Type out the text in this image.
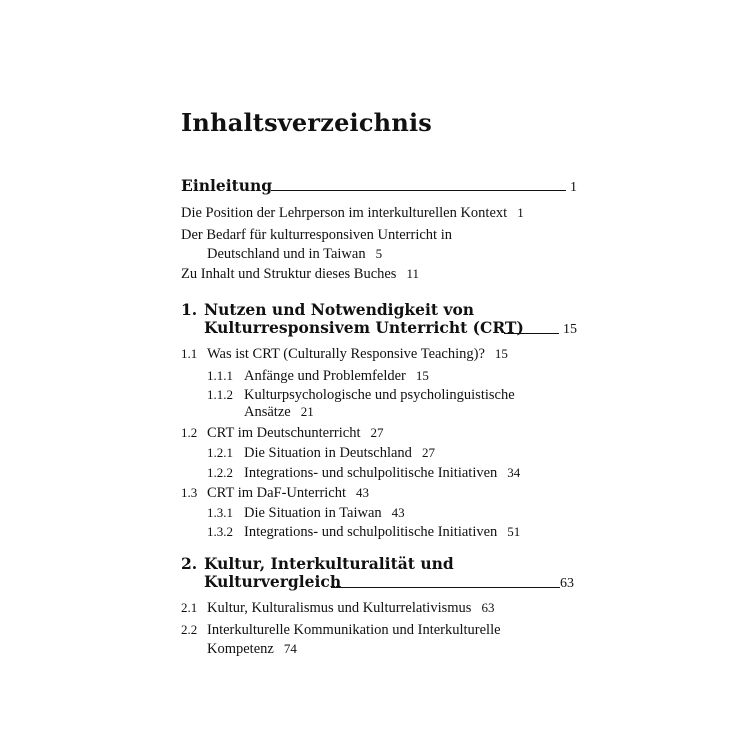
Inhaltsverzeichnis
Einleitung	1
Die Position der Lehrperson im interkulturellen Kontext 1
Der Bedarf für kulturresponsiven Unterricht in
Deutschland und in Taiwan 5
Zu Inhalt und Struktur dieses Buches 11
1. Nutzen und Notwendigkeit von
Kulturresponsivem Unterricht (CRT)	15
1.1 Was ist CRT (Culturally Responsive Teaching)? 15
1.1.1 Anfänge und Problemfelder 15
1.1.2 Kulturpsychologische und psycholinguistische
Ansätze 21
1.2 CRT im Deutschunterricht 27
1.2.1 Die Situation in Deutschland 27
1.2.2 Integrations- und schulpolitische Initiativen 34
1.3 CRT im DaF-Unterricht 43
1.3.1 Die Situation in Taiwan 43
1.3.2 Integrations- und schulpolitische Initiativen 51
2. Kultur, Interkulturalität und
Kulturvergleich	63
2.1 Kultur, Kulturalismus und Kulturrelativismus 63
2.2 Interkulturelle Kommunikation und Interkulturelle
Kompetenz 74
